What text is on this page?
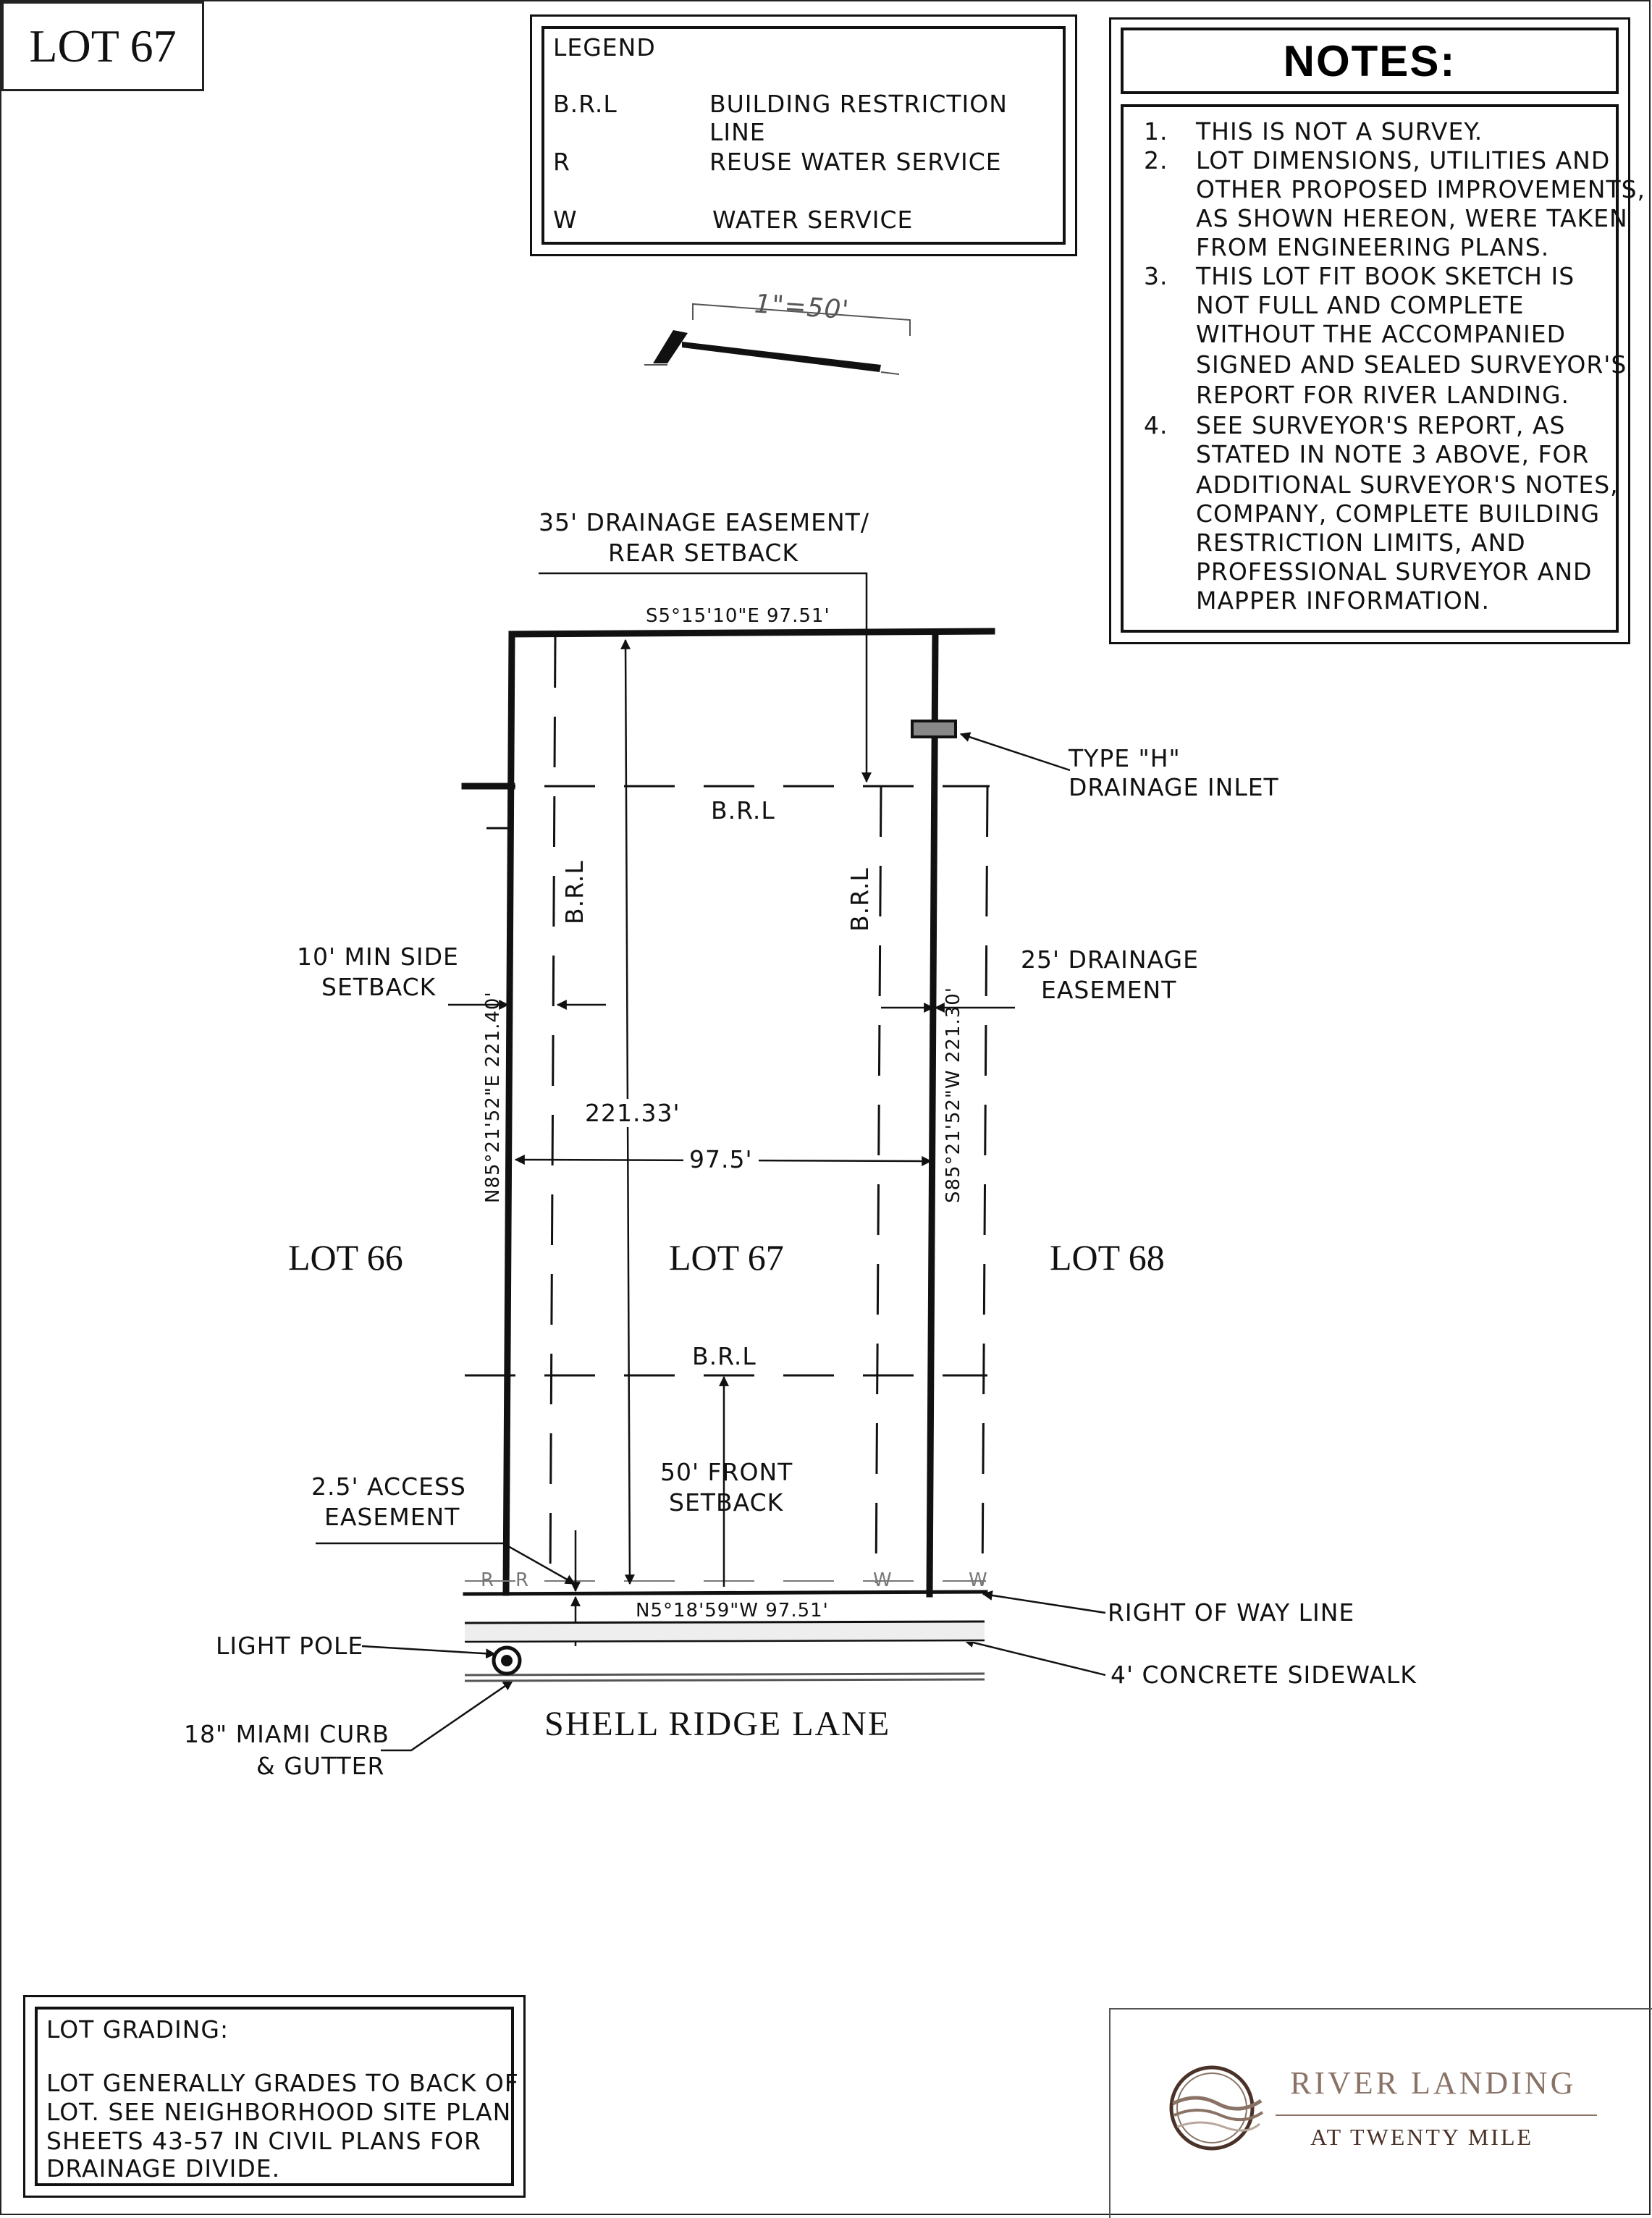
LOT 67	LEGEND
B.R.L	BUILDING RESTRICTION LINE
R	REUSE WATER SERVICE
W	WATER SERVICE
NOTES:
1. THIS IS NOT A SURVEY.
2. LOT DIMENSIONS, UTILITIES AND
OTHER PROPOSED IMPROVEMENTS,
AS SHOWN HEREON, WERE TAKEN
FROM ENGINEERING PLANS.
3. THIS LOT FIT BOOK SKETCH IS
NOT FULL AND COMPLETE
WITHOUT THE ACCOMPANIED
SIGNED AND SEALED SURVEYOR'S
REPORT FOR RIVER LANDING.
4. SEE SURVEYOR'S REPORT, AS
STATED IN NOTE 3 ABOVE, FOR
ADDITIONAL SURVEYOR'S NOTES,
COMPANY, COMPLETE BUILDING
RESTRICTION LIMITS, AND
PROFESSIONAL SURVEYOR AND
MAPPER INFORMATION.
1"=50'
35' DRAINAGE EASEMENT/
REAR SETBACK
S5°15'10"E 97.51'
TYPE "H"
DRAINAGE INLET
B.R.L
B.R.L	B.R.L
10' MIN SIDE
SETBACK
25' DRAINAGE
EASEMENT
N85°21'52"E 221.40'	S85°21'52"W 221.30'
221.33'
97.5'
LOT 66	LOT 67	LOT 68
B.R.L
50' FRONT
SETBACK
2.5' ACCESS
EASEMENT
R R	W	W
N5°18'59"W 97.51'	RIGHT OF WAY LINE
4' CONCRETE SIDEWALK
LIGHT POLE
18" MIAMI CURB
& GUTTER
SHELL RIDGE LANE
LOT GRADING:
LOT GENERALLY GRADES TO BACK OF
LOT. SEE NEIGHBORHOOD SITE PLAN
SHEETS 43-57 IN CIVIL PLANS FOR
DRAINAGE DIVIDE.
RIVER LANDING
AT TWENTY MILE
